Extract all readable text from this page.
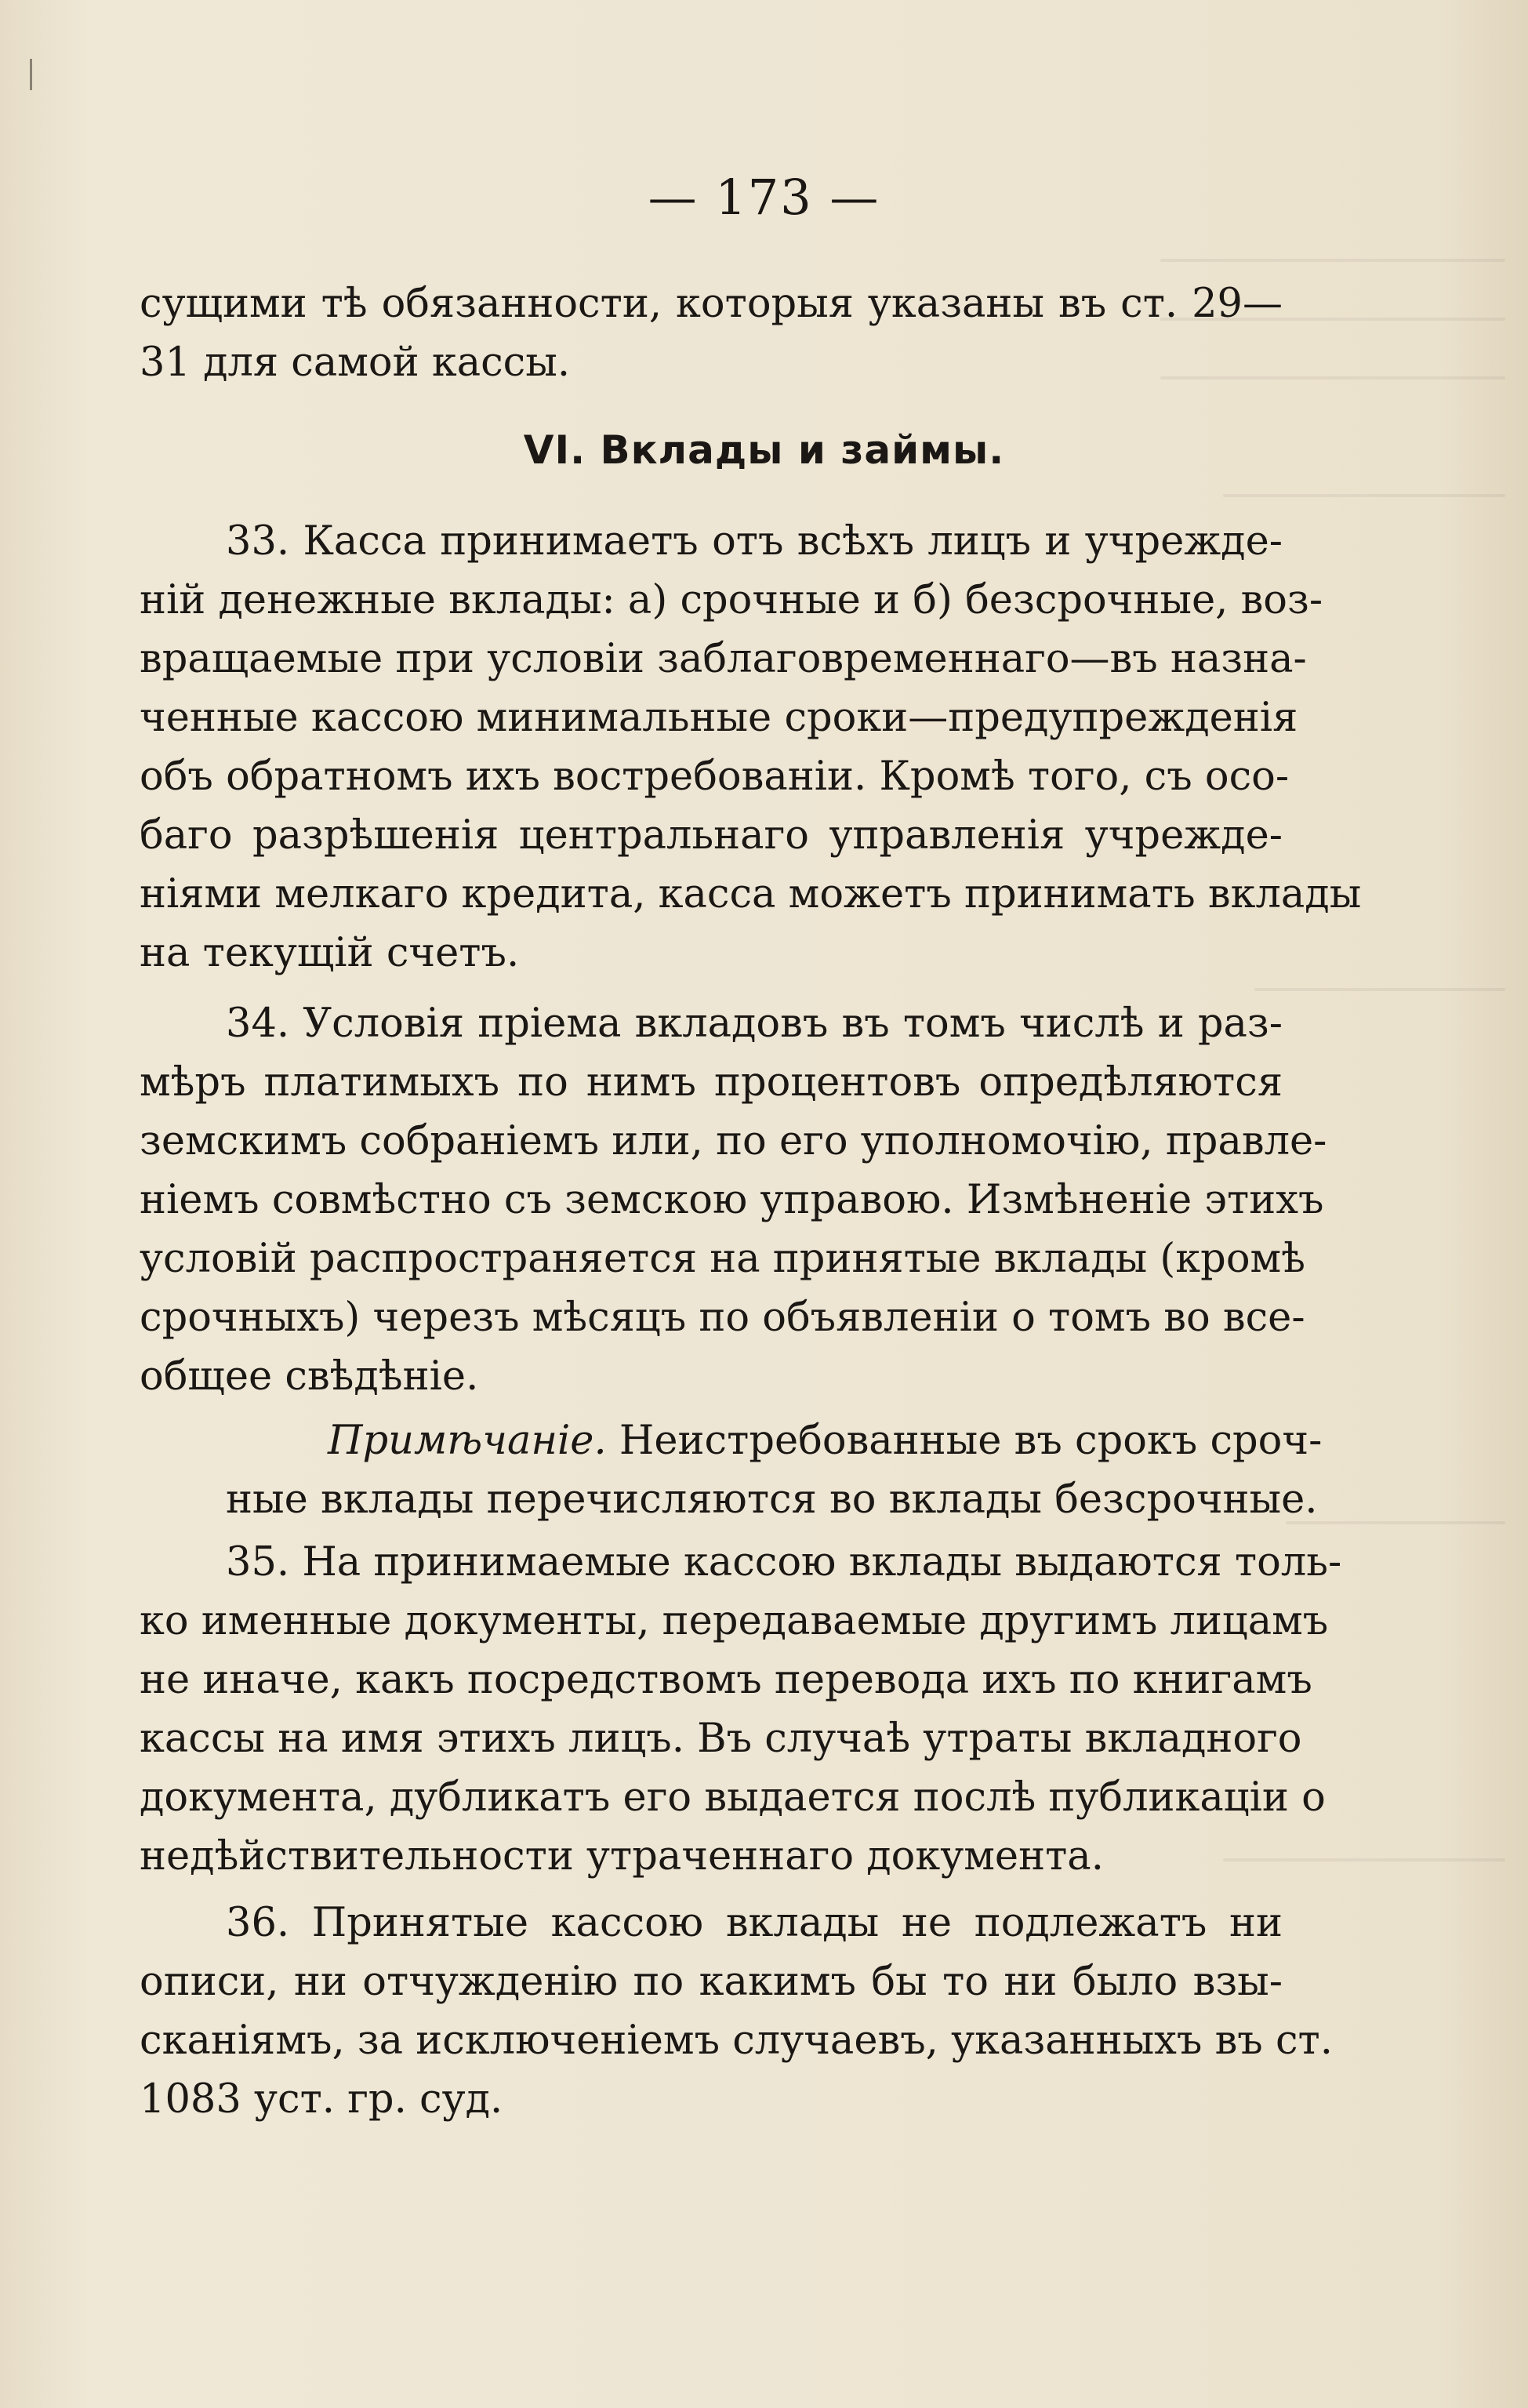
— 173 —
сущими тѣ обязанности, которыя указаны въ ст. 29—
31 для самой кассы.
VI. Вклады и займы.
33. Касса принимаетъ отъ всѣхъ лицъ и учрежде-
ній денежные вклады: а) срочные и б) безсрочные, воз-
вращаемые при условіи заблаговременнаго—въ назна-
ченные кассою минимальные сроки—предупрежденія
объ обратномъ ихъ востребованіи. Кромѣ того, съ осо-
баго разрѣшенія центральнаго управленія учрежде-
ніями мелкаго кредита, касса можетъ принимать вклады
на текущій счетъ.
34. Условія пріема вкладовъ въ томъ числѣ и раз-
мѣръ платимыхъ по нимъ процентовъ опредѣляются
земскимъ собраніемъ или, по его уполномочію, правле-
ніемъ совмѣстно съ земскою управою. Измѣненіе этихъ
условій распространяется на принятые вклады (кромѣ
срочныхъ) черезъ мѣсяцъ по объявленіи о томъ во все-
общее свѣдѣніе.
Примѣчаніе. Неистребованные въ срокъ сроч-
ные вклады перечисляются во вклады безсрочные.
35. На принимаемые кассою вклады выдаются толь-
ко именные документы, передаваемые другимъ лицамъ
не иначе, какъ посредствомъ перевода ихъ по книгамъ
кассы на имя этихъ лицъ. Въ случаѣ утраты вкладного
документа, дубликатъ его выдается послѣ публикаціи о
недѣйствительности утраченнаго документа.
36. Принятые кассою вклады не подлежатъ ни
описи, ни отчужденію по какимъ бы то ни было взы-
сканіямъ, за исключеніемъ случаевъ, указанныхъ въ ст.
1083 уст. гр. суд.
